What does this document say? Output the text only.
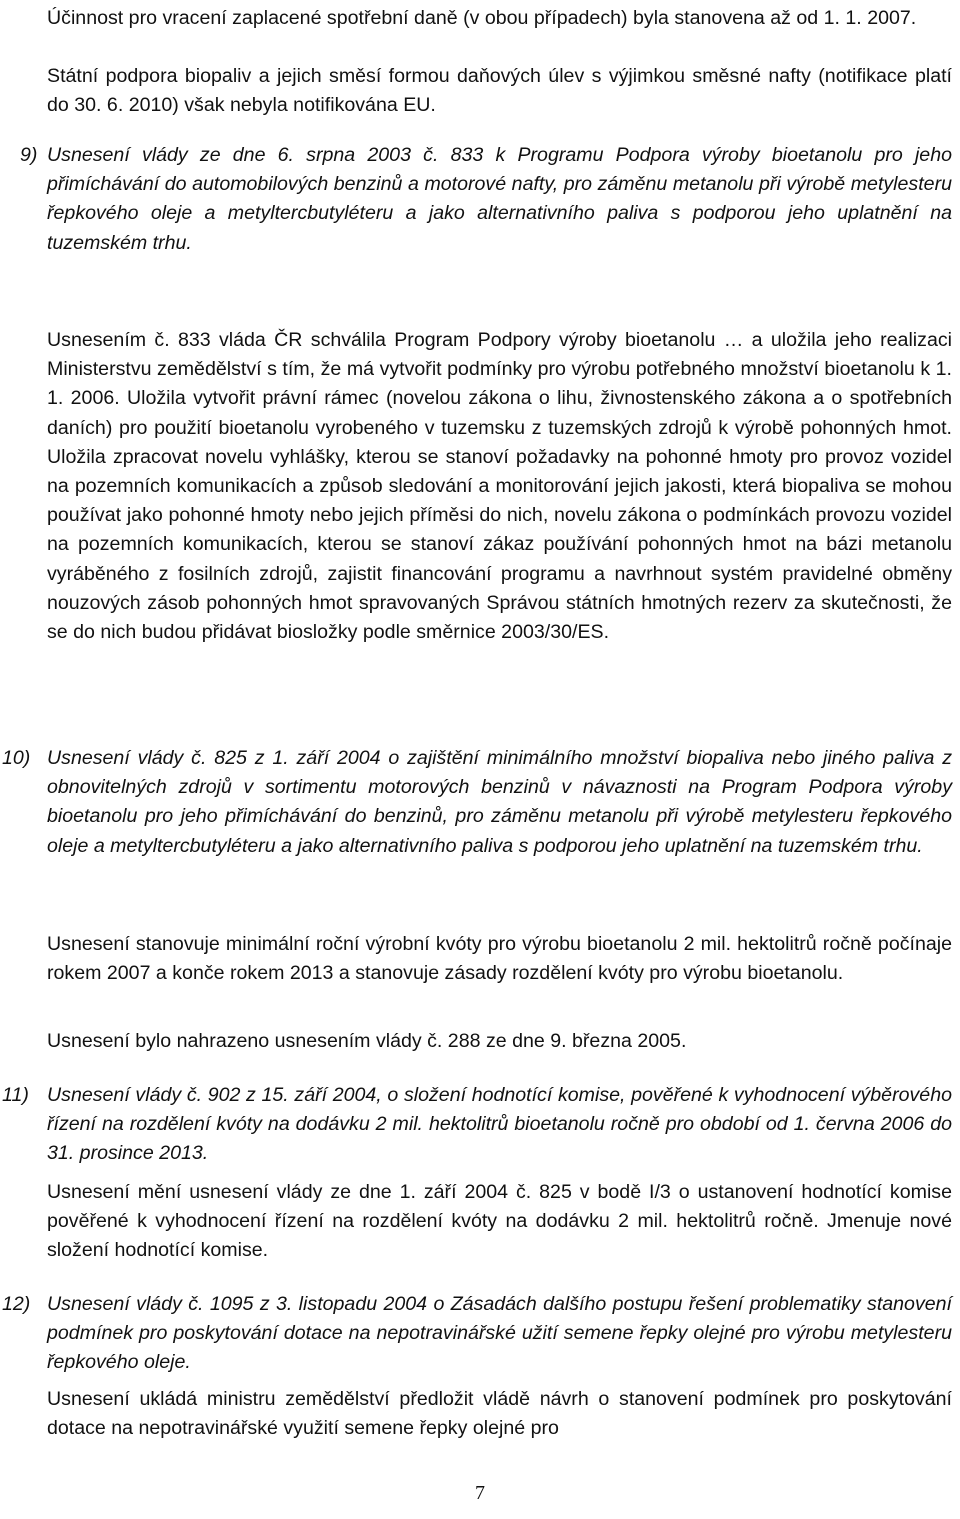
Účinnost pro vracení zaplacené spotřební daně (v obou případech) byla stanovena až od 1. 1. 2007.

Státní podpora biopaliv a jejich směsí formou daňových úlev s výjimkou směsné nafty (notifikace platí do 30. 6. 2010) však nebyla notifikována EU.

9) Usnesení vlády ze dne 6. srpna 2003 č. 833 k Programu Podpora výroby bioetanolu pro jeho přimíchávání do automobilových benzinů a motorové nafty, pro záměnu metanolu při výrobě metylesteru řepkového oleje a metyltercbutyléteru a jako alternativního paliva s podporou jeho uplatnění na tuzemském trhu.

Usnesením č. 833 vláda ČR schválila Program Podpory výroby bioetanolu … a uložila jeho realizaci Ministerstvu zemědělství s tím, že má vytvořit podmínky pro výrobu potřebného množství bioetanolu k 1. 1. 2006. Uložila vytvořit právní rámec (novelou zákona o lihu, živnostenského zákona a o spotřebních daních) pro použití bioetanolu vyrobeného v tuzemsku z tuzemských zdrojů k výrobě pohonných hmot. Uložila zpracovat novelu vyhlášky, kterou se stanoví požadavky na pohonné hmoty pro provoz vozidel na pozemních komunikacích a způsob sledování a monitorování jejich jakosti, která biopaliva se mohou používat jako pohonné hmoty nebo jejich příměsi do nich, novelu zákona o podmínkách provozu vozidel na pozemních komunikacích, kterou se stanoví zákaz používání pohonných hmot na bázi metanolu vyráběného z fosilních zdrojů, zajistit financování programu a navrhnout systém pravidelné obměny nouzových zásob pohonných hmot spravovaných Správou státních hmotných rezerv za skutečnosti, že se do nich budou přidávat biosložky podle směrnice 2003/30/ES.

10) Usnesení vlády č. 825 z 1. září 2004 o zajištění minimálního množství biopaliva nebo jiného paliva z obnovitelných zdrojů v sortimentu motorových benzinů v návaznosti na Program Podpora výroby bioetanolu pro jeho přimíchávání do benzinů, pro záměnu metanolu při výrobě metylesteru řepkového oleje a metyltercbutyléteru a jako alternativního paliva s podporou jeho uplatnění na tuzemském trhu.

Usnesení stanovuje minimální roční výrobní kvóty pro výrobu bioetanolu 2 mil. hektolitrů ročně počínaje rokem 2007 a konče rokem 2013 a stanovuje zásady rozdělení kvóty pro výrobu bioetanolu.

Usnesení bylo nahrazeno usnesením vlády č. 288 ze dne 9. března 2005.

11) Usnesení vlády č. 902 z 15. září 2004, o složení hodnotící komise, pověřené k vyhodnocení výběrového řízení na rozdělení kvóty na dodávku 2 mil. hektolitrů bioetanolu ročně pro období od 1. června 2006 do 31. prosince 2013.

Usnesení mění usnesení vlády ze dne 1. září 2004 č. 825 v bodě I/3 o ustanovení hodnotící komise pověřené k vyhodnocení řízení na rozdělení kvóty na dodávku 2 mil. hektolitrů ročně. Jmenuje nové složení hodnotící komise.

12) Usnesení vlády č. 1095 z 3. listopadu 2004 o Zásadách dalšího postupu řešení problematiky stanovení podmínek pro poskytování dotace na nepotravinářské užití semene řepky olejné pro výrobu metylesteru řepkového oleje.

Usnesení ukládá ministru zemědělství předložit vládě návrh o stanovení podmínek pro poskytování dotace na nepotravinářské využití semene řepky olejné pro

7
